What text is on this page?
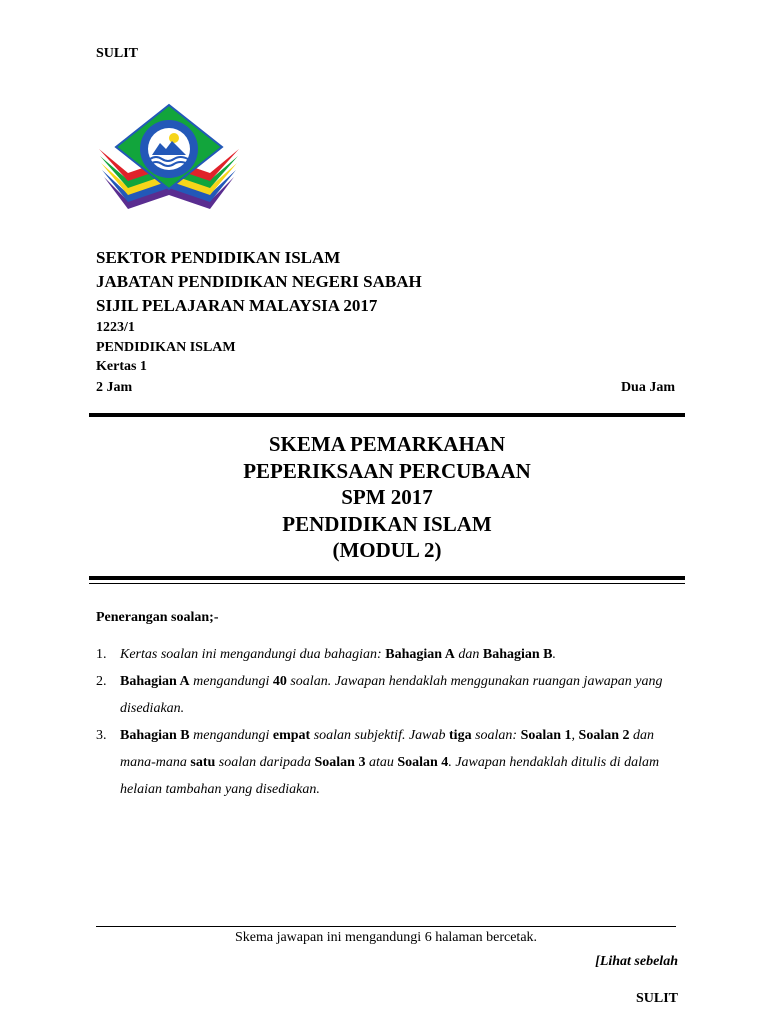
SULIT
SEKTOR PENDIDIKAN ISLAM
JABATAN PENDIDIKAN NEGERI SABAH
SIJIL PELAJARAN MALAYSIA 2017
1223/1
PENDIDIKAN ISLAM
Kertas 1
2 Jam	Dua Jam
SKEMA PEMARKAHAN
PEPERIKSAAN PERCUBAAN
SPM 2017
PENDIDIKAN ISLAM
(MODUL 2)
Penerangan soalan;-
1. Kertas soalan ini mengandungi dua bahagian: Bahagian A dan Bahagian B.
2. Bahagian A mengandungi 40 soalan. Jawapan hendaklah menggunakan ruangan jawapan yang disediakan.
3. Bahagian B mengandungi empat soalan subjektif. Jawab tiga soalan: Soalan 1, Soalan 2 dan mana-mana satu soalan daripada Soalan 3 atau Soalan 4. Jawapan hendaklah ditulis di dalam helaian tambahan yang disediakan.
Skema jawapan ini mengandungi 6 halaman bercetak.
[Lihat sebelah
SULIT
